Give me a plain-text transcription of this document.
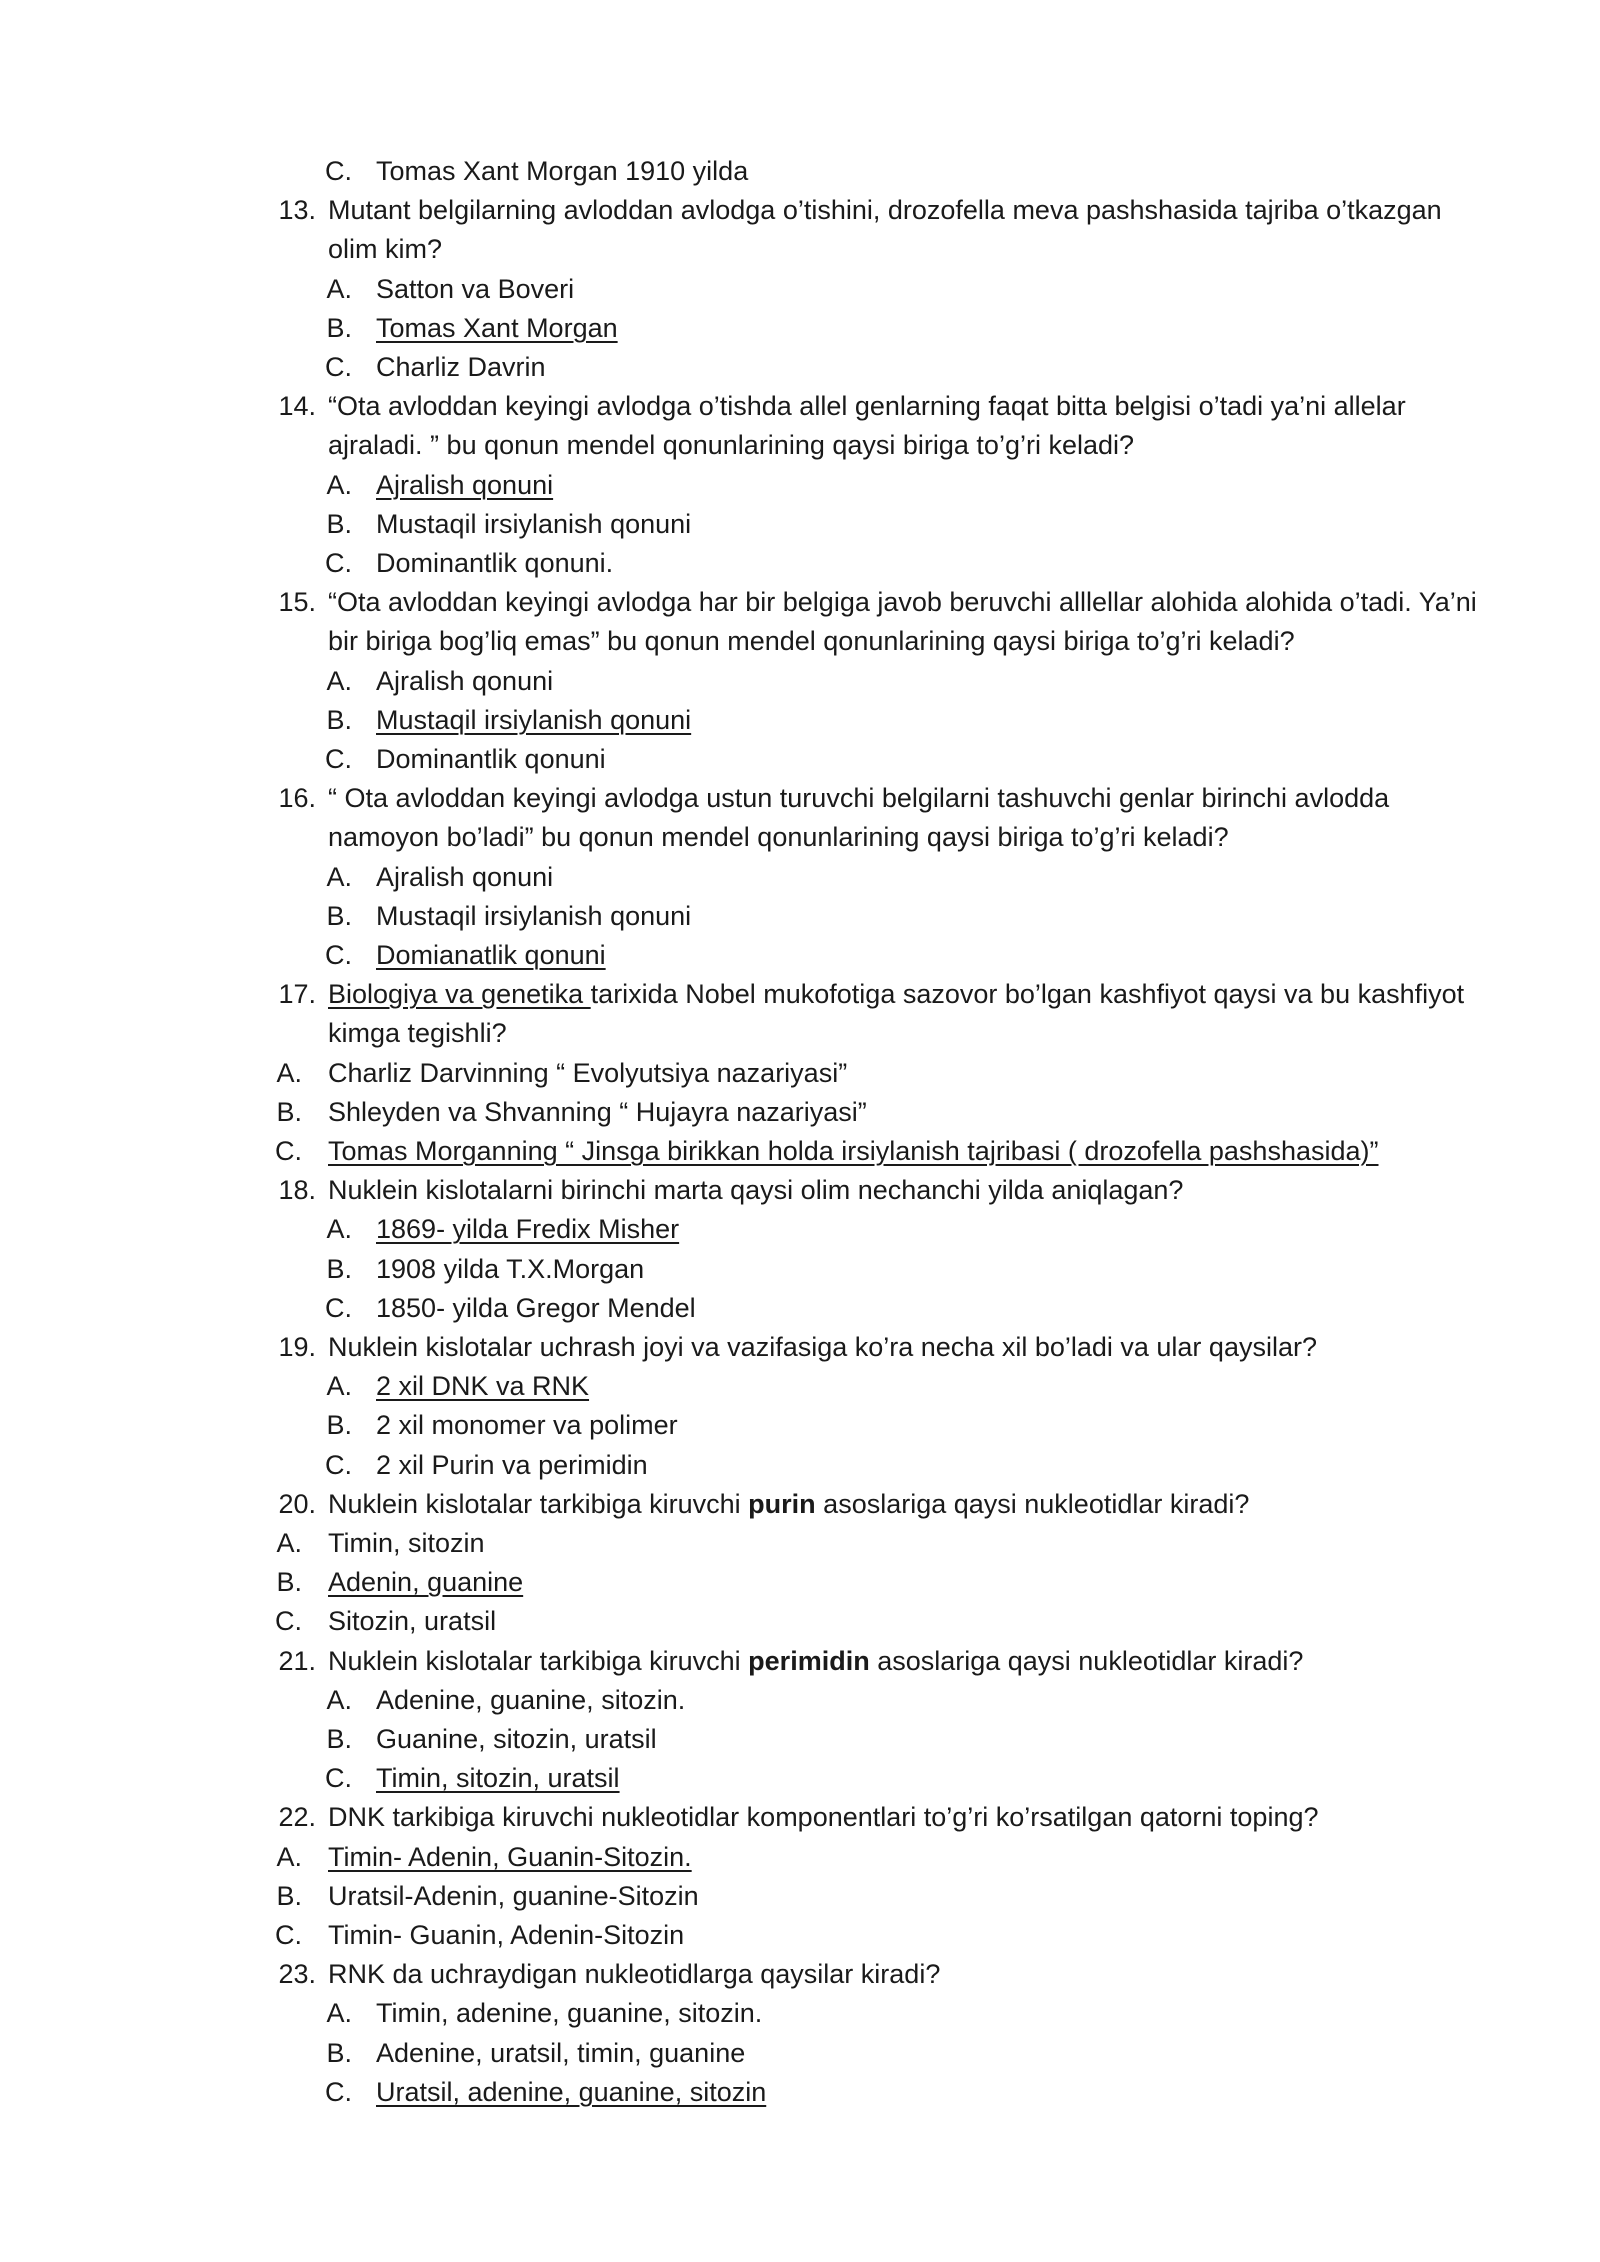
C. Tomas Xant Morgan 1910 yilda
13. Mutant belgilarning avloddan avlodga o’tishini, drozofella meva pashshasida tajriba o’tkazgan
olim kim?
A. Satton va Boveri
B. Tomas Xant Morgan
C. Charliz Davrin
14. “Ota avloddan keyingi avlodga o’tishda allel genlarning faqat bitta belgisi o’tadi ya’ni allelar
ajraladi. ” bu qonun mendel qonunlarining qaysi biriga to’g’ri keladi?
A. Ajralish qonuni
B. Mustaqil irsiylanish qonuni
C. Dominantlik qonuni.
15. “Ota avloddan keyingi avlodga har bir belgiga javob beruvchi alllellar alohida alohida o’tadi. Ya’ni
bir biriga bog’liq emas” bu qonun mendel qonunlarining qaysi biriga to’g’ri keladi?
A. Ajralish qonuni
B. Mustaqil irsiylanish qonuni
C. Dominantlik qonuni
16. “ Ota avloddan keyingi avlodga ustun turuvchi belgilarni tashuvchi genlar birinchi avlodda
namoyon bo’ladi” bu qonun mendel qonunlarining qaysi biriga to’g’ri keladi?
A. Ajralish qonuni
B. Mustaqil irsiylanish qonuni
C. Domianatlik qonuni
17. Biologiya va genetika tarixida Nobel mukofotiga sazovor bo’lgan kashfiyot qaysi va bu kashfiyot
kimga tegishli?
A. Charliz Darvinning “ Evolyutsiya nazariyasi”
B. Shleyden va Shvanning “ Hujayra nazariyasi”
C. Tomas Morganning “ Jinsga birikkan holda irsiylanish tajribasi ( drozofella pashshasida)”
18. Nuklein kislotalarni birinchi marta qaysi olim nechanchi yilda aniqlagan?
A. 1869- yilda Fredix Misher
B. 1908 yilda T.X.Morgan
C. 1850- yilda Gregor Mendel
19. Nuklein kislotalar uchrash joyi va vazifasiga ko’ra necha xil bo’ladi va ular qaysilar?
A. 2 xil DNK va RNK
B. 2 xil monomer va polimer
C. 2 xil Purin va perimidin
20. Nuklein kislotalar tarkibiga kiruvchi purin asoslariga qaysi nukleotidlar kiradi?
A. Timin, sitozin
B. Adenin, guanine
C. Sitozin, uratsil
21. Nuklein kislotalar tarkibiga kiruvchi perimidin asoslariga qaysi nukleotidlar kiradi?
A. Adenine, guanine, sitozin.
B. Guanine, sitozin, uratsil
C. Timin, sitozin, uratsil
22. DNK tarkibiga kiruvchi nukleotidlar komponentlari to’g’ri ko’rsatilgan qatorni toping?
A. Timin- Adenin, Guanin-Sitozin.
B. Uratsil-Adenin, guanine-Sitozin
C. Timin- Guanin, Adenin-Sitozin
23. RNK da uchraydigan nukleotidlarga qaysilar kiradi?
A. Timin, adenine, guanine, sitozin.
B. Adenine, uratsil, timin, guanine
C. Uratsil, adenine, guanine, sitozin
